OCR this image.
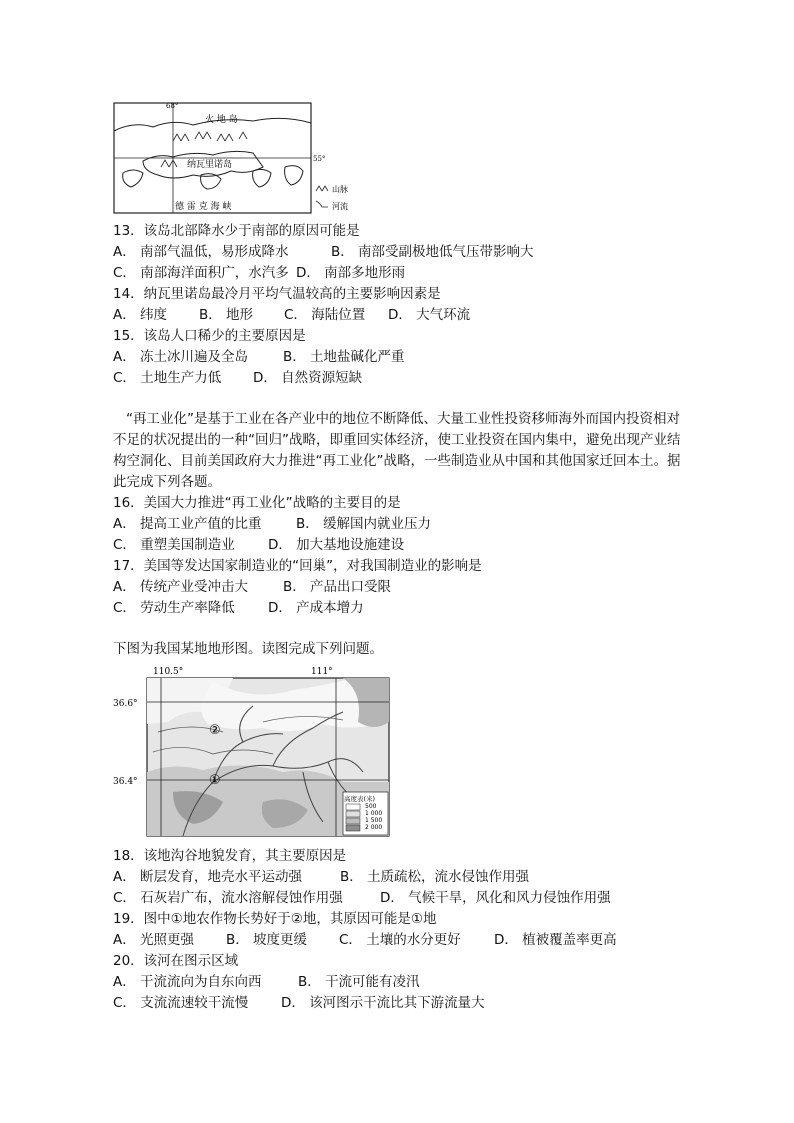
68°
55°
火 地 岛
纳瓦里诺岛
德 雷 克 海 峡
山脉
河流
13．该岛北部降水少于南部的原因可能是
A． 南部气温低，易形成降水	B． 南部受副极地低气压带影响大
C． 南部海洋面积广，水汽多 D． 南部多地形雨
14．纳瓦里诺岛最冷月平均气温较高的主要影响因素是
A． 纬度 B． 地形 C． 海陆位置 D． 大气环流
15．该岛人口稀少的主要原因是
A． 冻土冰川遍及全岛	B． 土地盐碱化严重
C． 土地生产力低 D． 自然资源短缺
“再工业化”是基于工业在各产业中的地位不断降低、大量工业性投资移师海外而国内投资相对不足的状况提出的一种“回归”战略，即重回实体经济，使工业投资在国内集中，避免出现产业结构空洞化、目前美国政府大力推进“再工业化”战略，一些制造业从中国和其他国家迁回本土。据此完成下列各题。
16．美国大力推进“再工业化”战略的主要目的是
A． 提高工业产值的比重	B． 缓解国内就业压力
C． 重塑美国制造业 D． 加大基地设施建设
17．美国等发达国家制造业的“回巢”，对我国制造业的影响是
A． 传统产业受冲击大	B． 产品出口受限
C． 劳动生产率降低 D． 产成本增力
下图为我国某地地形图。读图完成下列问题。
110.5°	111°
36.6°
36.4°
②
①
高度表(米)
500
1 000
1 500
2 000
18．该地沟谷地貌发育，其主要原因是
A． 断层发育，地壳水平运动强	B． 土质疏松，流水侵蚀作用强
C． 石灰岩广布，流水溶解侵蚀作用强	D． 气候干旱，风化和风力侵蚀作用强
19．图中①地农作物长势好于②地，其原因可能是①地
A． 光照更强 B． 坡度更缓 C． 土壤的水分更好 D． 植被覆盖率更高
20．该河在图示区域
A． 干流流向为自东向西	B． 干流可能有凌汛
C． 支流流速较干流慢 D． 该河图示干流比其下游流量大
